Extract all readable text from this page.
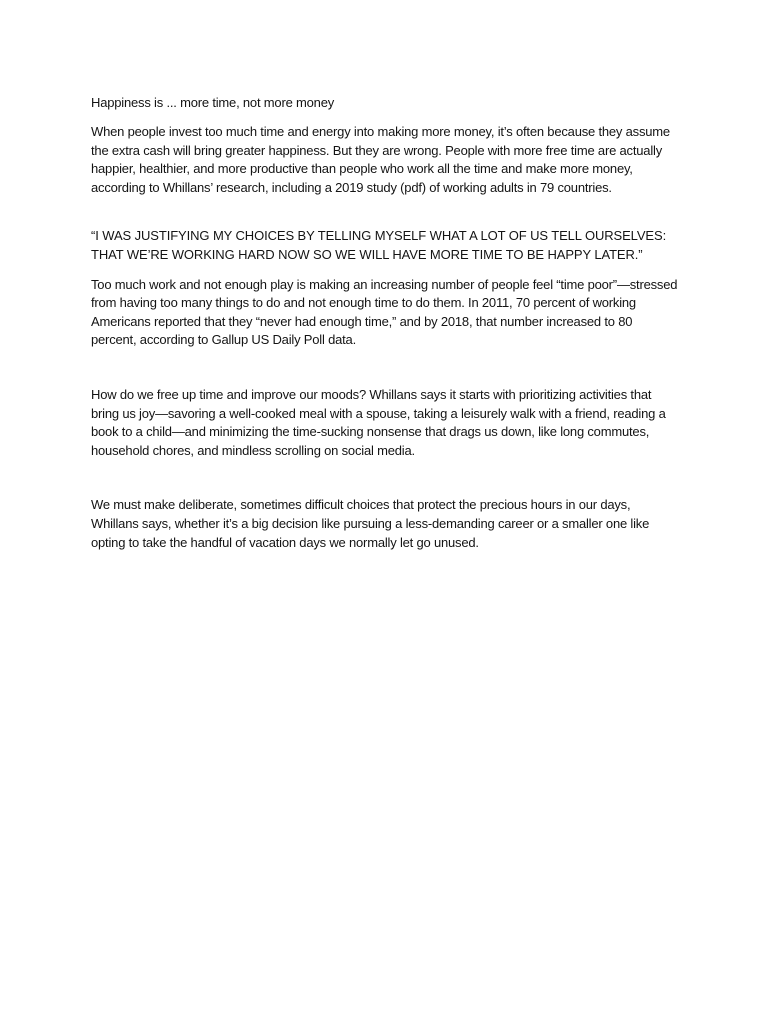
Happiness is ... more time, not more money

When people invest too much time and energy into making more money, it’s often because they assume the extra cash will bring greater happiness. But they are wrong. People with more free time are actually happier, healthier, and more productive than people who work all the time and make more money, according to Whillans’ research, including a 2019 study (pdf) of working adults in 79 countries.

“I WAS JUSTIFYING MY CHOICES BY TELLING MYSELF WHAT A LOT OF US TELL OURSELVES: THAT WE’RE WORKING HARD NOW SO WE WILL HAVE MORE TIME TO BE HAPPY LATER.”

Too much work and not enough play is making an increasing number of people feel “time poor”—stressed from having too many things to do and not enough time to do them. In 2011, 70 percent of working Americans reported that they “never had enough time,” and by 2018, that number increased to 80 percent, according to Gallup US Daily Poll data.

How do we free up time and improve our moods? Whillans says it starts with prioritizing activities that bring us joy—savoring a well-cooked meal with a spouse, taking a leisurely walk with a friend, reading a book to a child—and minimizing the time-sucking nonsense that drags us down, like long commutes, household chores, and mindless scrolling on social media.

We must make deliberate, sometimes difficult choices that protect the precious hours in our days, Whillans says, whether it’s a big decision like pursuing a less-demanding career or a smaller one like opting to take the handful of vacation days we normally let go unused.
